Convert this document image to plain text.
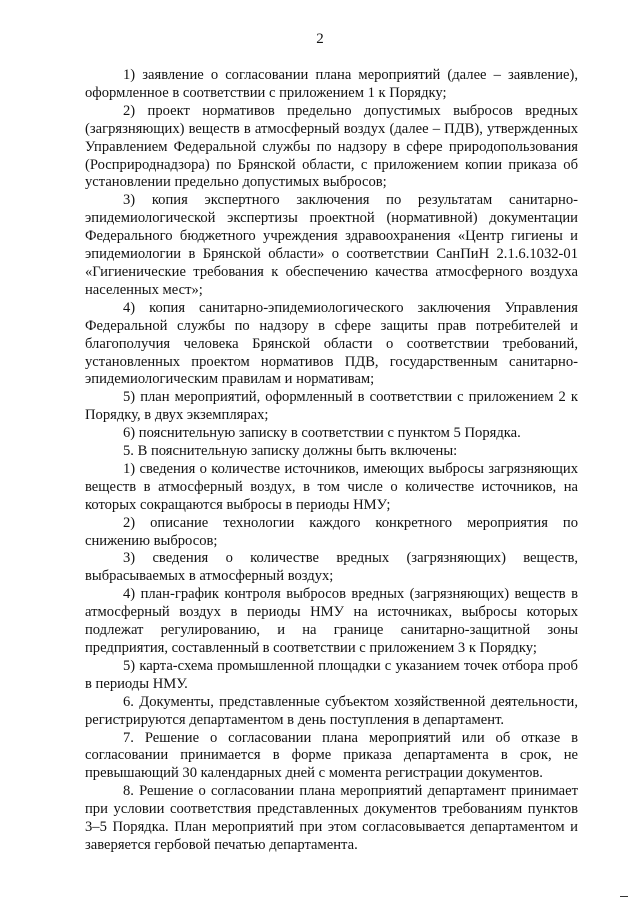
2

1) заявление о согласовании плана мероприятий (далее – заявление), оформленное в соответствии с приложением 1 к Порядку;

2) проект нормативов предельно допустимых выбросов вредных (загрязняющих) веществ в атмосферный воздух (далее – ПДВ), утвержденных Управлением Федеральной службы по надзору в сфере природопользования (Росприроднадзора) по Брянской области, с приложением копии приказа об установлении предельно допустимых выбросов;

3) копия экспертного заключения по результатам санитарно-эпидемиологической экспертизы проектной (нормативной) документации Федерального бюджетного учреждения здравоохранения «Центр гигиены и эпидемиологии в Брянской области» о соответствии СанПиН 2.1.6.1032-01 «Гигиенические требования к обеспечению качества атмосферного воздуха населенных мест»;

4) копия санитарно-эпидемиологического заключения Управления Федеральной службы по надзору в сфере защиты прав потребителей и благополучия человека Брянской области о соответствии требований, установленных проектом нормативов ПДВ, государственным санитарно-эпидемиологическим правилам и нормативам;

5) план мероприятий, оформленный в соответствии с приложением 2 к Порядку, в двух экземплярах;

6) пояснительную записку в соответствии с пунктом 5 Порядка.

5. В пояснительную записку должны быть включены:

1) сведения о количестве источников, имеющих выбросы загрязняющих веществ в атмосферный воздух, в том числе о количестве источников, на которых сокращаются выбросы в периоды НМУ;

2) описание технологии каждого конкретного мероприятия по снижению выбросов;

3) сведения о количестве вредных (загрязняющих) веществ, выбрасываемых в атмосферный воздух;

4) план-график контроля выбросов вредных (загрязняющих) веществ в атмосферный воздух в периоды НМУ на источниках, выбросы которых подлежат регулированию, и на границе санитарно-защитной зоны предприятия, составленный в соответствии с приложением 3 к Порядку;

5) карта-схема промышленной площадки с указанием точек отбора проб в периоды НМУ.

6. Документы, представленные субъектом хозяйственной деятельности, регистрируются департаментом в день поступления в департамент.

7. Решение о согласовании плана мероприятий или об отказе в согласовании принимается в форме приказа департамента в срок, не превышающий 30 календарных дней с момента регистрации документов.

8. Решение о согласовании плана мероприятий департамент принимает при условии соответствия представленных документов требованиям пунктов 3–5 Порядка. План мероприятий при этом согласовывается департаментом и заверяется гербовой печатью департамента.
